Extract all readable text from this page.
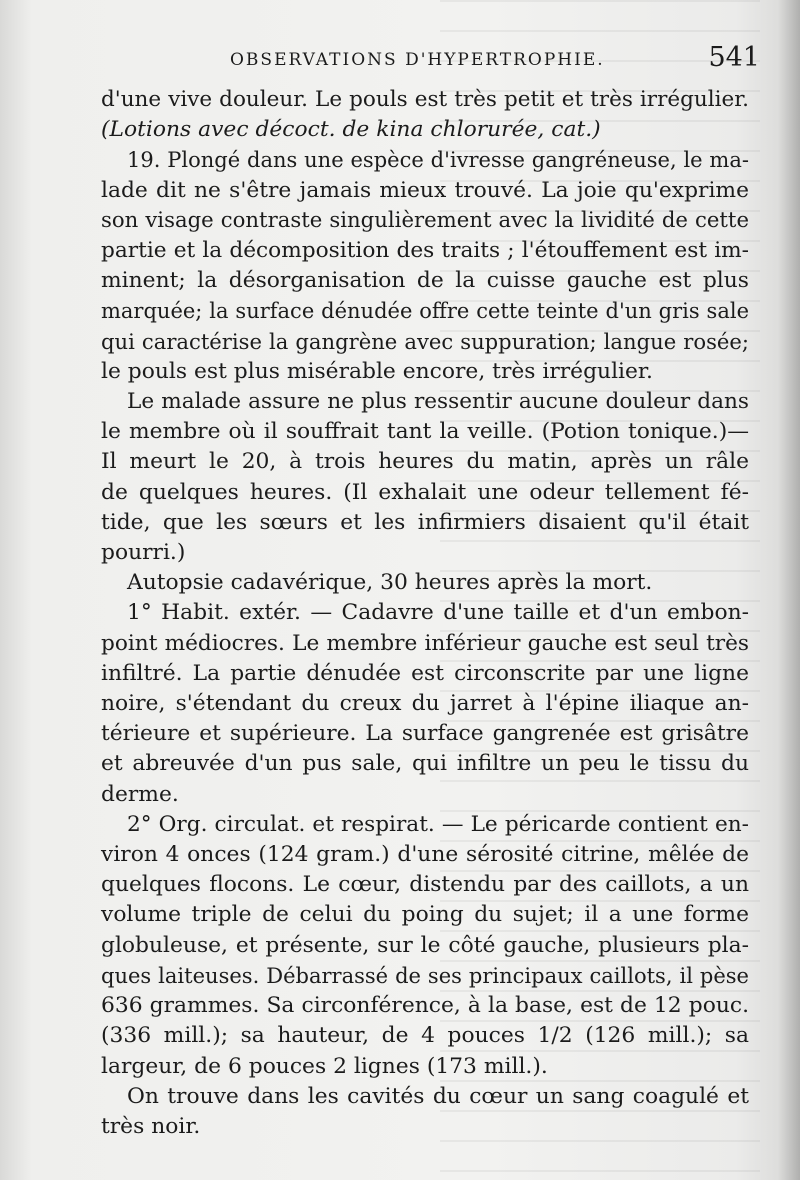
OBSERVATIONS D'HYPERTROPHIE.	541
d'une vive douleur. Le pouls est très petit et très irrégulier.
(Lotions avec décoct. de kina chlorurée, cat.)
19. Plongé dans une espèce d'ivresse gangréneuse, le ma-
lade dit ne s'être jamais mieux trouvé. La joie qu'exprime
son visage contraste singulièrement avec la lividité de cette
partie et la décomposition des traits ; l'étouffement est im-
minent; la désorganisation de la cuisse gauche est plus
marquée; la surface dénudée offre cette teinte d'un gris sale
qui caractérise la gangrène avec suppuration; langue rosée;
le pouls est plus misérable encore, très irrégulier.
Le malade assure ne plus ressentir aucune douleur dans
le membre où il souffrait tant la veille. (Potion tonique.)—
Il meurt le 20, à trois heures du matin, après un râle
de quelques heures. (Il exhalait une odeur tellement fé-
tide, que les sœurs et les infirmiers disaient qu'il était
pourri.)
Autopsie cadavérique, 30 heures après la mort.
1° Habit. extér. — Cadavre d'une taille et d'un embon-
point médiocres. Le membre inférieur gauche est seul très
infiltré. La partie dénudée est circonscrite par une ligne
noire, s'étendant du creux du jarret à l'épine iliaque an-
térieure et supérieure. La surface gangrenée est grisâtre
et abreuvée d'un pus sale, qui infiltre un peu le tissu du
derme.
2° Org. circulat. et respirat. — Le péricarde contient en-
viron 4 onces (124 gram.) d'une sérosité citrine, mêlée de
quelques flocons. Le cœur, distendu par des caillots, a un
volume triple de celui du poing du sujet; il a une forme
globuleuse, et présente, sur le côté gauche, plusieurs pla-
ques laiteuses. Débarrassé de ses principaux caillots, il pèse
636 grammes. Sa circonférence, à la base, est de 12 pouc.
(336 mill.); sa hauteur, de 4 pouces 1/2 (126 mill.); sa
largeur, de 6 pouces 2 lignes (173 mill.).
On trouve dans les cavités du cœur un sang coagulé et
très noir.
